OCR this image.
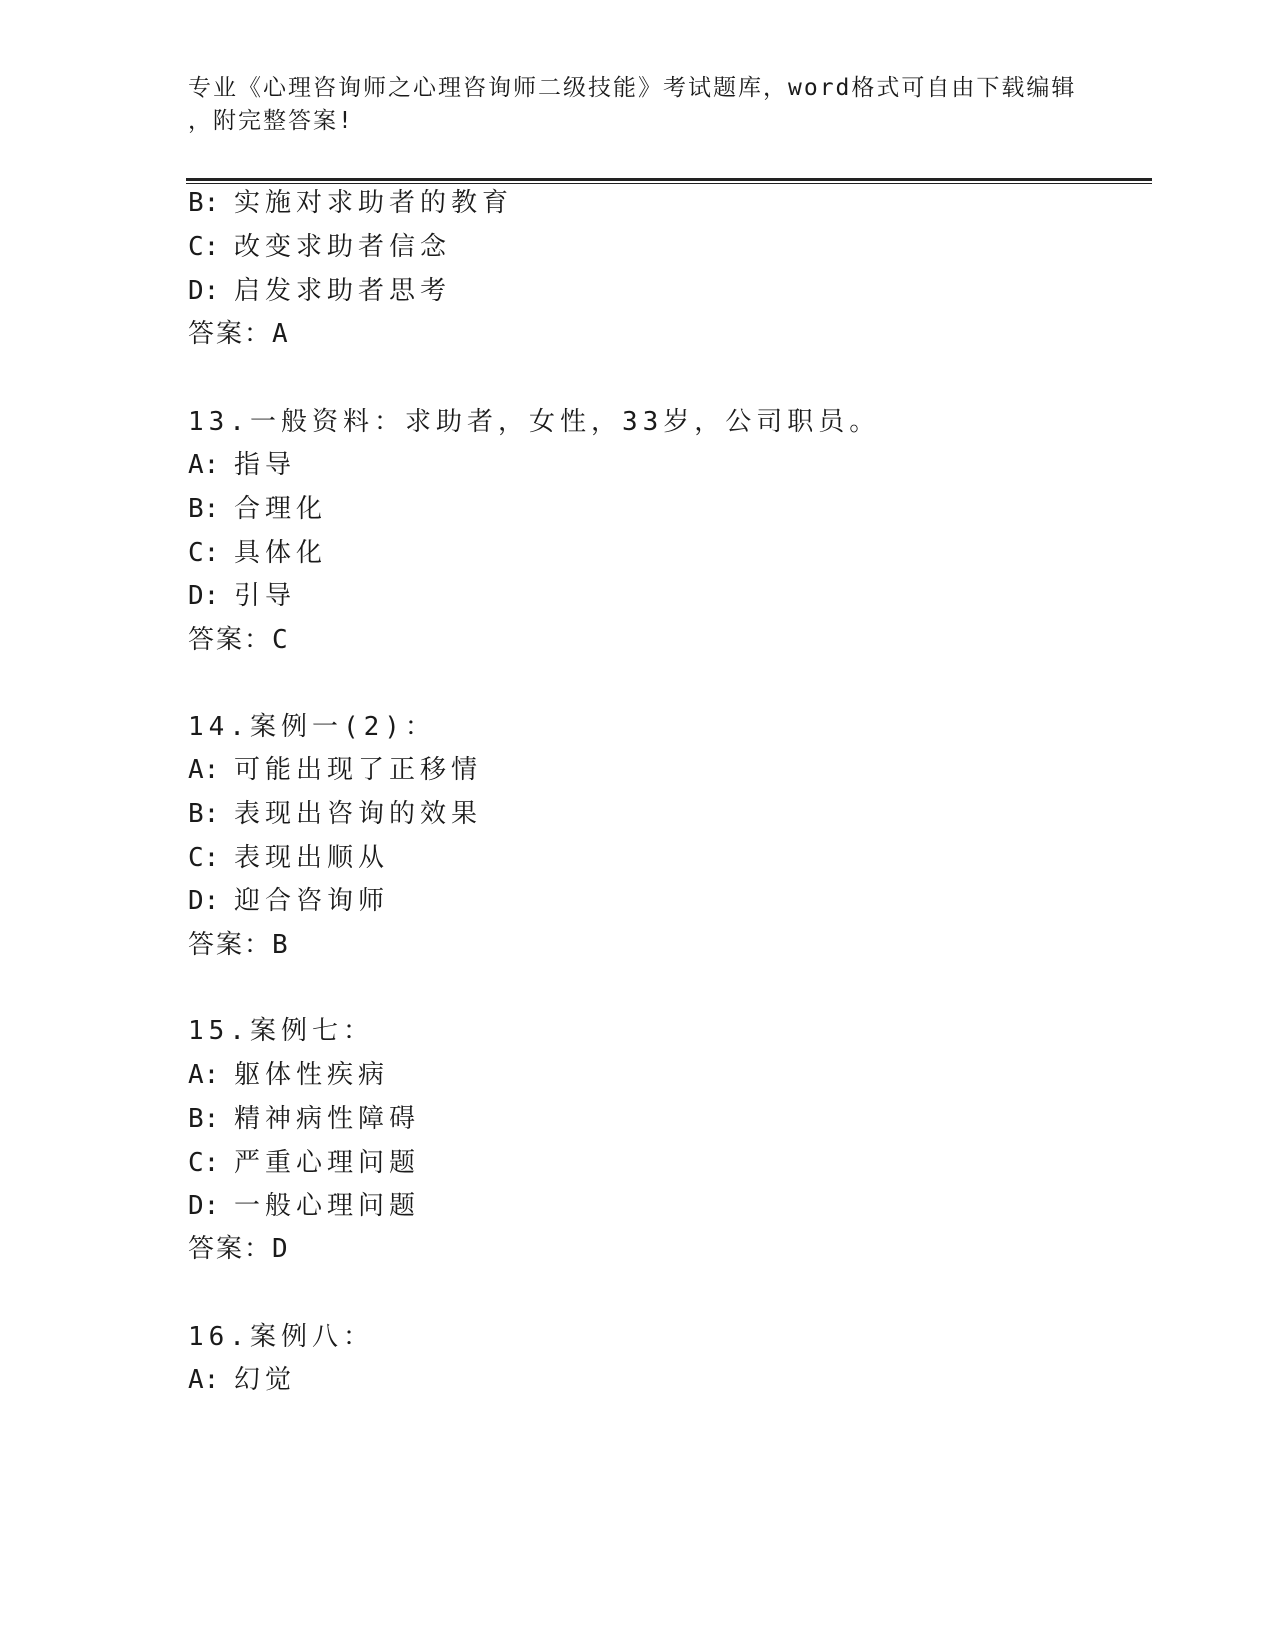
专业《心理咨询师之心理咨询师二级技能》考试题库，word格式可自由下载编辑
，附完整答案!
B: 实施对求助者的教育
C: 改变求助者信念
D: 启发求助者思考
答案：A
13.一般资料：求助者，女性，33岁，公司职员。
A: 指导
B: 合理化
C: 具体化
D: 引导
答案：C
14.案例一(2)：
A: 可能出现了正移情
B: 表现出咨询的效果
C: 表现出顺从
D: 迎合咨询师
答案：B
15.案例七：
A: 躯体性疾病
B: 精神病性障碍
C: 严重心理问题
D: 一般心理问题
答案：D
16.案例八：
A: 幻觉
